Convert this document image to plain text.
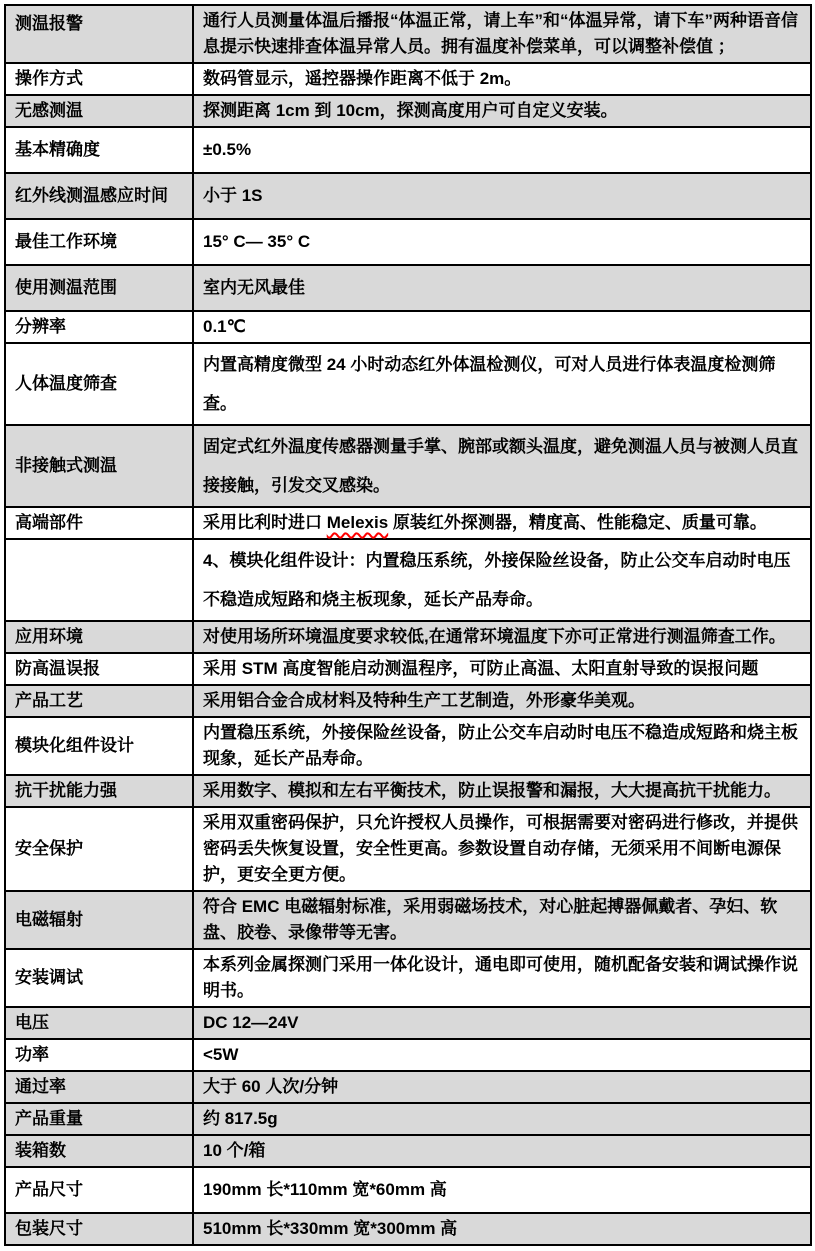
测温报警	通行人员测量体温后播报“体温正常，请上车”和“体温异常，请下车”两种语音信息提示快速排查体温异常人员。拥有温度补偿菜单，可以调整补偿值 ；
操作方式	数码管显示，遥控器操作距离不低于 2m。
无感测温	探测距离 1cm 到 10cm，探测高度用户可自定义安装。
基本精确度	±0.5%
红外线测温感应时间	小于 1S
最佳工作环境	15° C— 35° C
使用测温范围	室内无风最佳
分辨率	0.1℃
人体温度筛查	内置高精度微型 24 小时动态红外体温检测仪，可对人员进行体表温度检测筛查。
非接触式测温	固定式红外温度传感器测量手掌、腕部或额头温度，避免测温人员与被测人员直接接触，引发交叉感染。
高端部件	采用比利时进口 Melexis 原装红外探测器，精度高、性能稳定、质量可靠。
	4、模块化组件设计：内置稳压系统，外接保险丝设备，防止公交车启动时电压不稳造成短路和烧主板现象，延长产品寿命。
应用环境	对使用场所环境温度要求较低,在通常环境温度下亦可正常进行测温筛查工作。
防高温误报	采用 STM 高度智能启动测温程序，可防止高温、太阳直射导致的误报问题
产品工艺	采用铝合金合成材料及特种生产工艺制造，外形豪华美观。
模块化组件设计	内置稳压系统，外接保险丝设备，防止公交车启动时电压不稳造成短路和烧主板现象，延长产品寿命。
抗干扰能力强	采用数字、模拟和左右平衡技术，防止误报警和漏报，大大提高抗干扰能力。
安全保护	采用双重密码保护，只允许授权人员操作，可根据需要对密码进行修改，并提供密码丢失恢复设置，安全性更高。参数设置自动存储，无须采用不间断电源保护，更安全更方便。
电磁辐射	符合 EMC 电磁辐射标准，采用弱磁场技术，对心脏起搏器佩戴者、孕妇、软盘、胶卷、录像带等无害。
安装调试	本系列金属探测门采用一体化设计，通电即可使用，随机配备安装和调试操作说明书。
电压	DC 12—24V
功率	<5W
通过率	大于 60 人次/分钟
产品重量	约 817.5g
装箱数	10 个/箱
产品尺寸	190mm 长*110mm 宽*60mm 高
包装尺寸	510mm 长*330mm 宽*300mm 高
